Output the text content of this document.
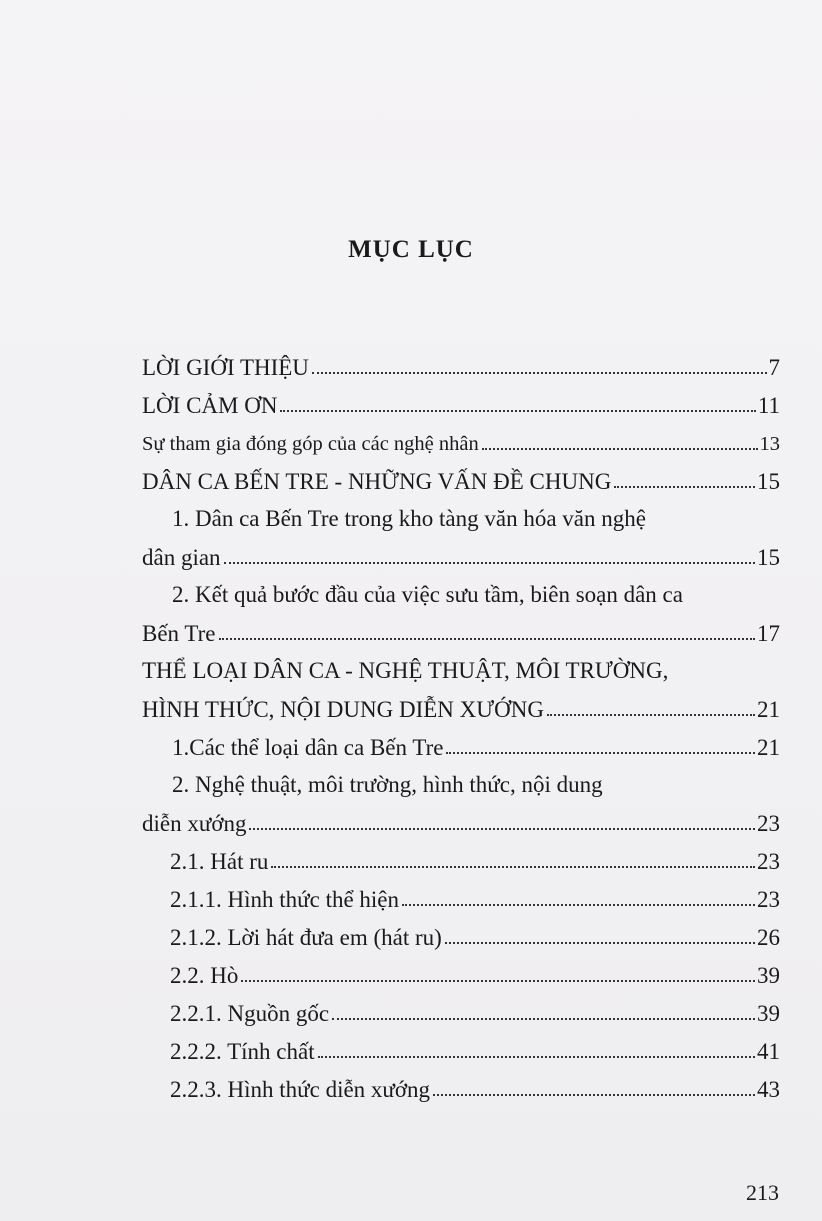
MỤC LỤC
LỜI GIỚI THIỆU	7
LỜI CẢM ƠN	11
Sự tham gia đóng góp của các nghệ nhân	13
DÂN CA BẾN TRE - NHỮNG VẤN ĐỀ CHUNG	15
1. Dân ca Bến Tre trong kho tàng văn hóa văn nghệ
dân gian	15
2. Kết quả bước đầu của việc sưu tầm, biên soạn dân ca
Bến Tre	17
THỂ LOẠI DÂN CA - NGHỆ THUẬT, MÔI TRƯỜNG,
HÌNH THỨC, NỘI DUNG DIỄN XƯỚNG	21
1.Các thể loại dân ca Bến Tre	21
2. Nghệ thuật, môi trường, hình thức, nội dung
diễn xướng	23
2.1. Hát ru	23
2.1.1. Hình thức thể hiện	23
2.1.2. Lời hát đưa em (hát ru)	26
2.2. Hò	39
2.2.1. Nguồn gốc	39
2.2.2. Tính chất	41
2.2.3. Hình thức diễn xướng	43
213
